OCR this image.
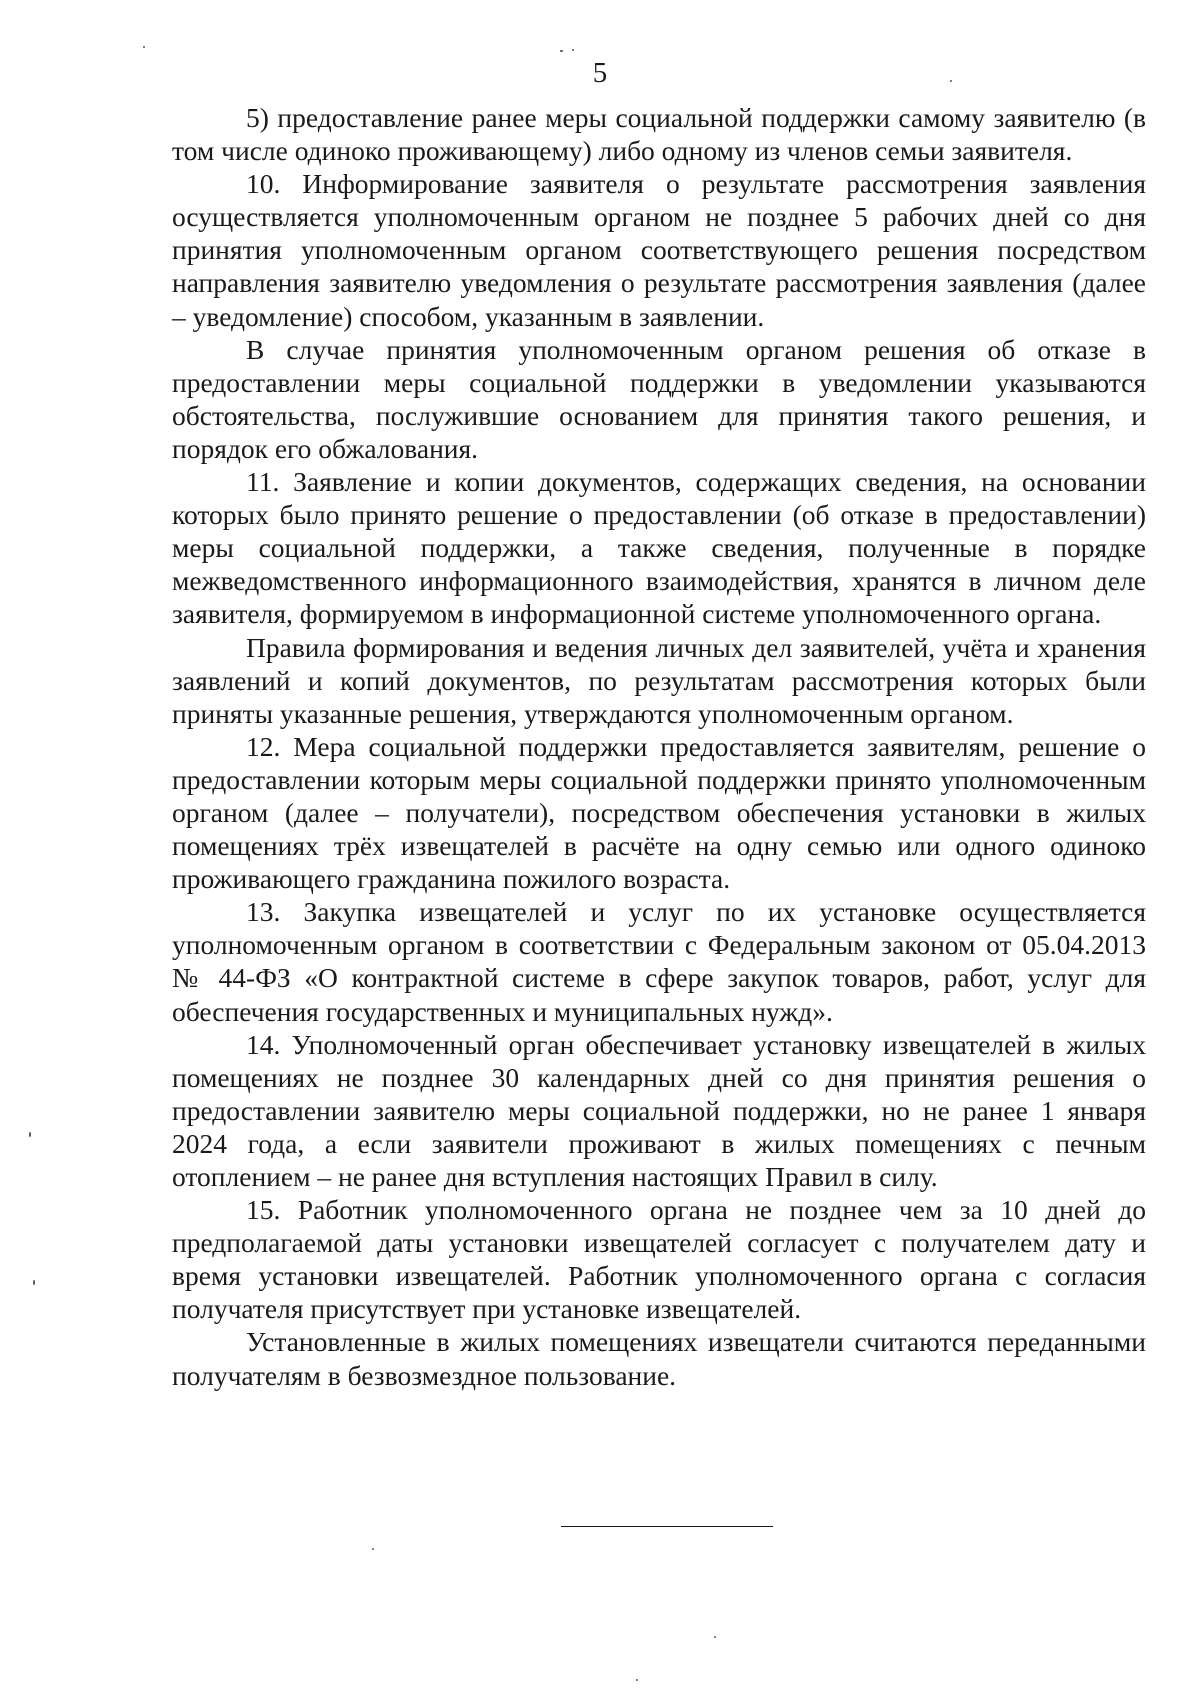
5

5) предоставление ранее меры социальной поддержки самому заявителю (в том числе одиноко проживающему) либо одному из членов семьи заявителя.

10. Информирование заявителя о результате рассмотрения заявления осуществляется уполномоченным органом не позднее 5 рабочих дней со дня принятия уполномоченным органом соответствующего решения посредством направления заявителю уведомления о результате рассмотрения заявления (далее – уведомление) способом, указанным в заявлении.

В случае принятия уполномоченным органом решения об отказе в предоставлении меры социальной поддержки в уведомлении указываются обстоятельства, послужившие основанием для принятия такого решения, и порядок его обжалования.

11. Заявление и копии документов, содержащих сведения, на основании которых было принято решение о предоставлении (об отказе в предоставлении) меры социальной поддержки, а также сведения, полученные в порядке межведомственного информационного взаимодействия, хранятся в личном деле заявителя, формируемом в информационной системе уполномоченного органа.

Правила формирования и ведения личных дел заявителей, учёта и хранения заявлений и копий документов, по результатам рассмотрения которых были приняты указанные решения, утверждаются уполномоченным органом.

12. Мера социальной поддержки предоставляется заявителям, решение о предоставлении которым меры социальной поддержки принято уполномоченным органом (далее – получатели), посредством обеспечения установки в жилых помещениях трёх извещателей в расчёте на одну семью или одного одиноко проживающего гражданина пожилого возраста.

13. Закупка извещателей и услуг по их установке осуществляется уполномоченным органом в соответствии с Федеральным законом от 05.04.2013 № 44-ФЗ «О контрактной системе в сфере закупок товаров, работ, услуг для обеспечения государственных и муниципальных нужд».

14. Уполномоченный орган обеспечивает установку извещателей в жилых помещениях не позднее 30 календарных дней со дня принятия решения о предоставлении заявителю меры социальной поддержки, но не ранее 1 января 2024 года, а если заявители проживают в жилых помещениях с печным отоплением – не ранее дня вступления настоящих Правил в силу.

15. Работник уполномоченного органа не позднее чем за 10 дней до предполагаемой даты установки извещателей согласует с получателем дату и время установки извещателей. Работник уполномоченного органа с согласия получателя присутствует при установке извещателей.

Установленные в жилых помещениях извещатели считаются переданными получателям в безвозмездное пользование.
